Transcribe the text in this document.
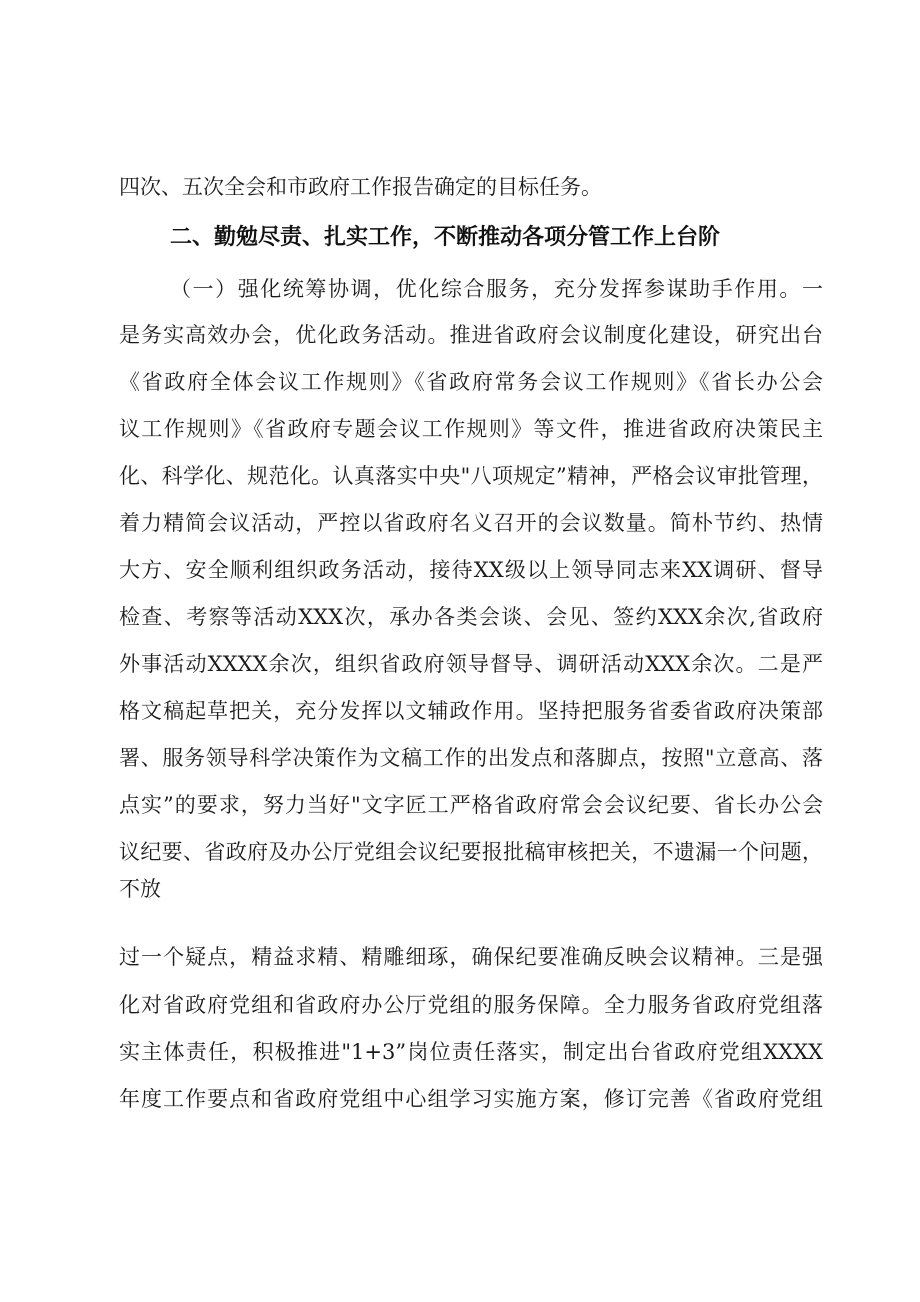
四次、五次全会和市政府工作报告确定的目标任务。
二、勤勉尽责、扎实工作，不断推动各项分管工作上台阶
（一）强化统筹协调，优化综合服务，充分发挥参谋助手作用。一
是务实高效办会，优化政务活动。推进省政府会议制度化建设，研究出台
《省政府全体会议工作规则》《省政府常务会议工作规则》《省长办公会
议工作规则》《省政府专题会议工作规则》等文件，推进省政府决策民主
化、科学化、规范化。认真落实中央"八项规定”精神，严格会议审批管理，
着力精简会议活动，严控以省政府名义召开的会议数量。简朴节约、热情
大方、安全顺利组织政务活动，接待XX级以上领导同志来XX调研、督导
检查、考察等活动XXX次，承办各类会谈、会见、签约XXX余次,省政府
外事活动XXXX余次，组织省政府领导督导、调研活动XXX余次。二是严
格文稿起草把关，充分发挥以文辅政作用。坚持把服务省委省政府决策部
署、服务领导科学决策作为文稿工作的出发点和落脚点，按照"立意高、落
点实”的要求，努力当好"文字匠工严格省政府常会会议纪要、省长办公会
议纪要、省政府及办公厅党组会议纪要报批稿审核把关，不遗漏一个问题，
不放
过一个疑点，精益求精、精雕细琢，确保纪要准确反映会议精神。三是强
化对省政府党组和省政府办公厅党组的服务保障。全力服务省政府党组落
实主体责任，积极推进"1+3”岗位责任落实，制定出台省政府党组XXXX
年度工作要点和省政府党组中心组学习实施方案，修订完善《省政府党组
